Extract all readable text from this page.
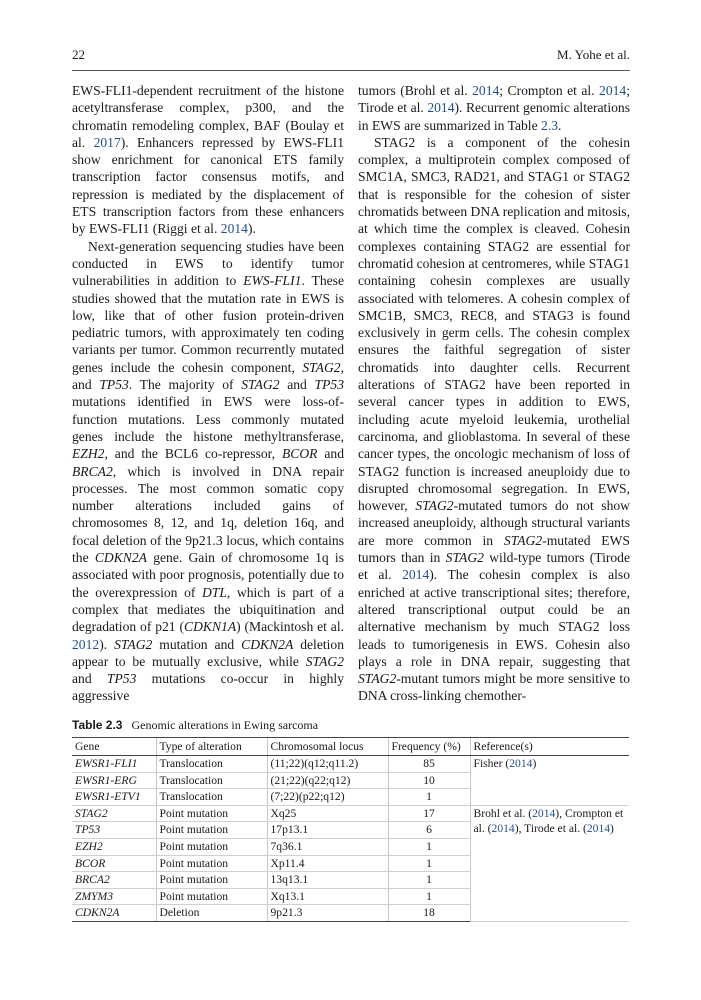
22	M. Yohe et al.

EWS-FLI1-dependent recruitment of the histone acetyltransferase complex, p300, and the chromatin remodeling complex, BAF (Boulay et al. 2017). Enhancers repressed by EWS-FLI1 show enrichment for canonical ETS family transcription factor consensus motifs, and repression is mediated by the displacement of ETS transcription factors from these enhancers by EWS-FLI1 (Riggi et al. 2014).

Next-generation sequencing studies have been conducted in EWS to identify tumor vulnerabilities in addition to EWS-FLI1. These studies showed that the mutation rate in EWS is low, like that of other fusion protein-driven pediatric tumors, with approximately ten coding variants per tumor. Common recurrently mutated genes include the cohesin component, STAG2, and TP53. The majority of STAG2 and TP53 mutations identified in EWS were loss-of-function mutations. Less commonly mutated genes include the histone methyltransferase, EZH2, and the BCL6 co-repressor, BCOR and BRCA2, which is involved in DNA repair processes. The most common somatic copy number alterations included gains of chromosomes 8, 12, and 1q, deletion 16q, and focal deletion of the 9p21.3 locus, which contains the CDKN2A gene. Gain of chromosome 1q is associated with poor prognosis, potentially due to the overexpression of DTL, which is part of a complex that mediates the ubiquitination and degradation of p21 (CDKN1A) (Mackintosh et al. 2012). STAG2 mutation and CDKN2A deletion appear to be mutually exclusive, while STAG2 and TP53 mutations co-occur in highly aggressive

tumors (Brohl et al. 2014; Crompton et al. 2014; Tirode et al. 2014). Recurrent genomic alterations in EWS are summarized in Table 2.3.

STAG2 is a component of the cohesin complex, a multiprotein complex composed of SMC1A, SMC3, RAD21, and STAG1 or STAG2 that is responsible for the cohesion of sister chromatids between DNA replication and mitosis, at which time the complex is cleaved. Cohesin complexes containing STAG2 are essential for chromatid cohesion at centromeres, while STAG1 containing cohesin complexes are usually associated with telomeres. A cohesin complex of SMC1B, SMC3, REC8, and STAG3 is found exclusively in germ cells. The cohesin complex ensures the faithful segregation of sister chromatids into daughter cells. Recurrent alterations of STAG2 have been reported in several cancer types in addition to EWS, including acute myeloid leukemia, urothelial carcinoma, and glioblastoma. In several of these cancer types, the oncologic mechanism of loss of STAG2 function is increased aneuploidy due to disrupted chromosomal segregation. In EWS, however, STAG2-mutated tumors do not show increased aneuploidy, although structural variants are more common in STAG2-mutated EWS tumors than in STAG2 wild-type tumors (Tirode et al. 2014). The cohesin complex is also enriched at active transcriptional sites; therefore, altered transcriptional output could be an alternative mechanism by much STAG2 loss leads to tumorigenesis in EWS. Cohesin also plays a role in DNA repair, suggesting that STAG2-mutant tumors might be more sensitive to DNA cross-linking chemother-

Table 2.3 Genomic alterations in Ewing sarcoma
Gene	Type of alteration	Chromosomal locus	Frequency (%)	Reference(s)
EWSR1-FLI1	Translocation	(11;22)(q12;q11.2)	85	Fisher (2014)
EWSR1-ERG	Translocation	(21;22)(q22;q12)	10	
EWSR1-ETV1	Translocation	(7;22)(p22;q12)	1	
STAG2	Point mutation	Xq25	17	Brohl et al. (2014), Crompton et al. (2014), Tirode et al. (2014)
TP53	Point mutation	17p13.1	6	
EZH2	Point mutation	7q36.1	1	
BCOR	Point mutation	Xp11.4	1	
BRCA2	Point mutation	13q13.1	1	
ZMYM3	Point mutation	Xq13.1	1	
CDKN2A	Deletion	9p21.3	18	
